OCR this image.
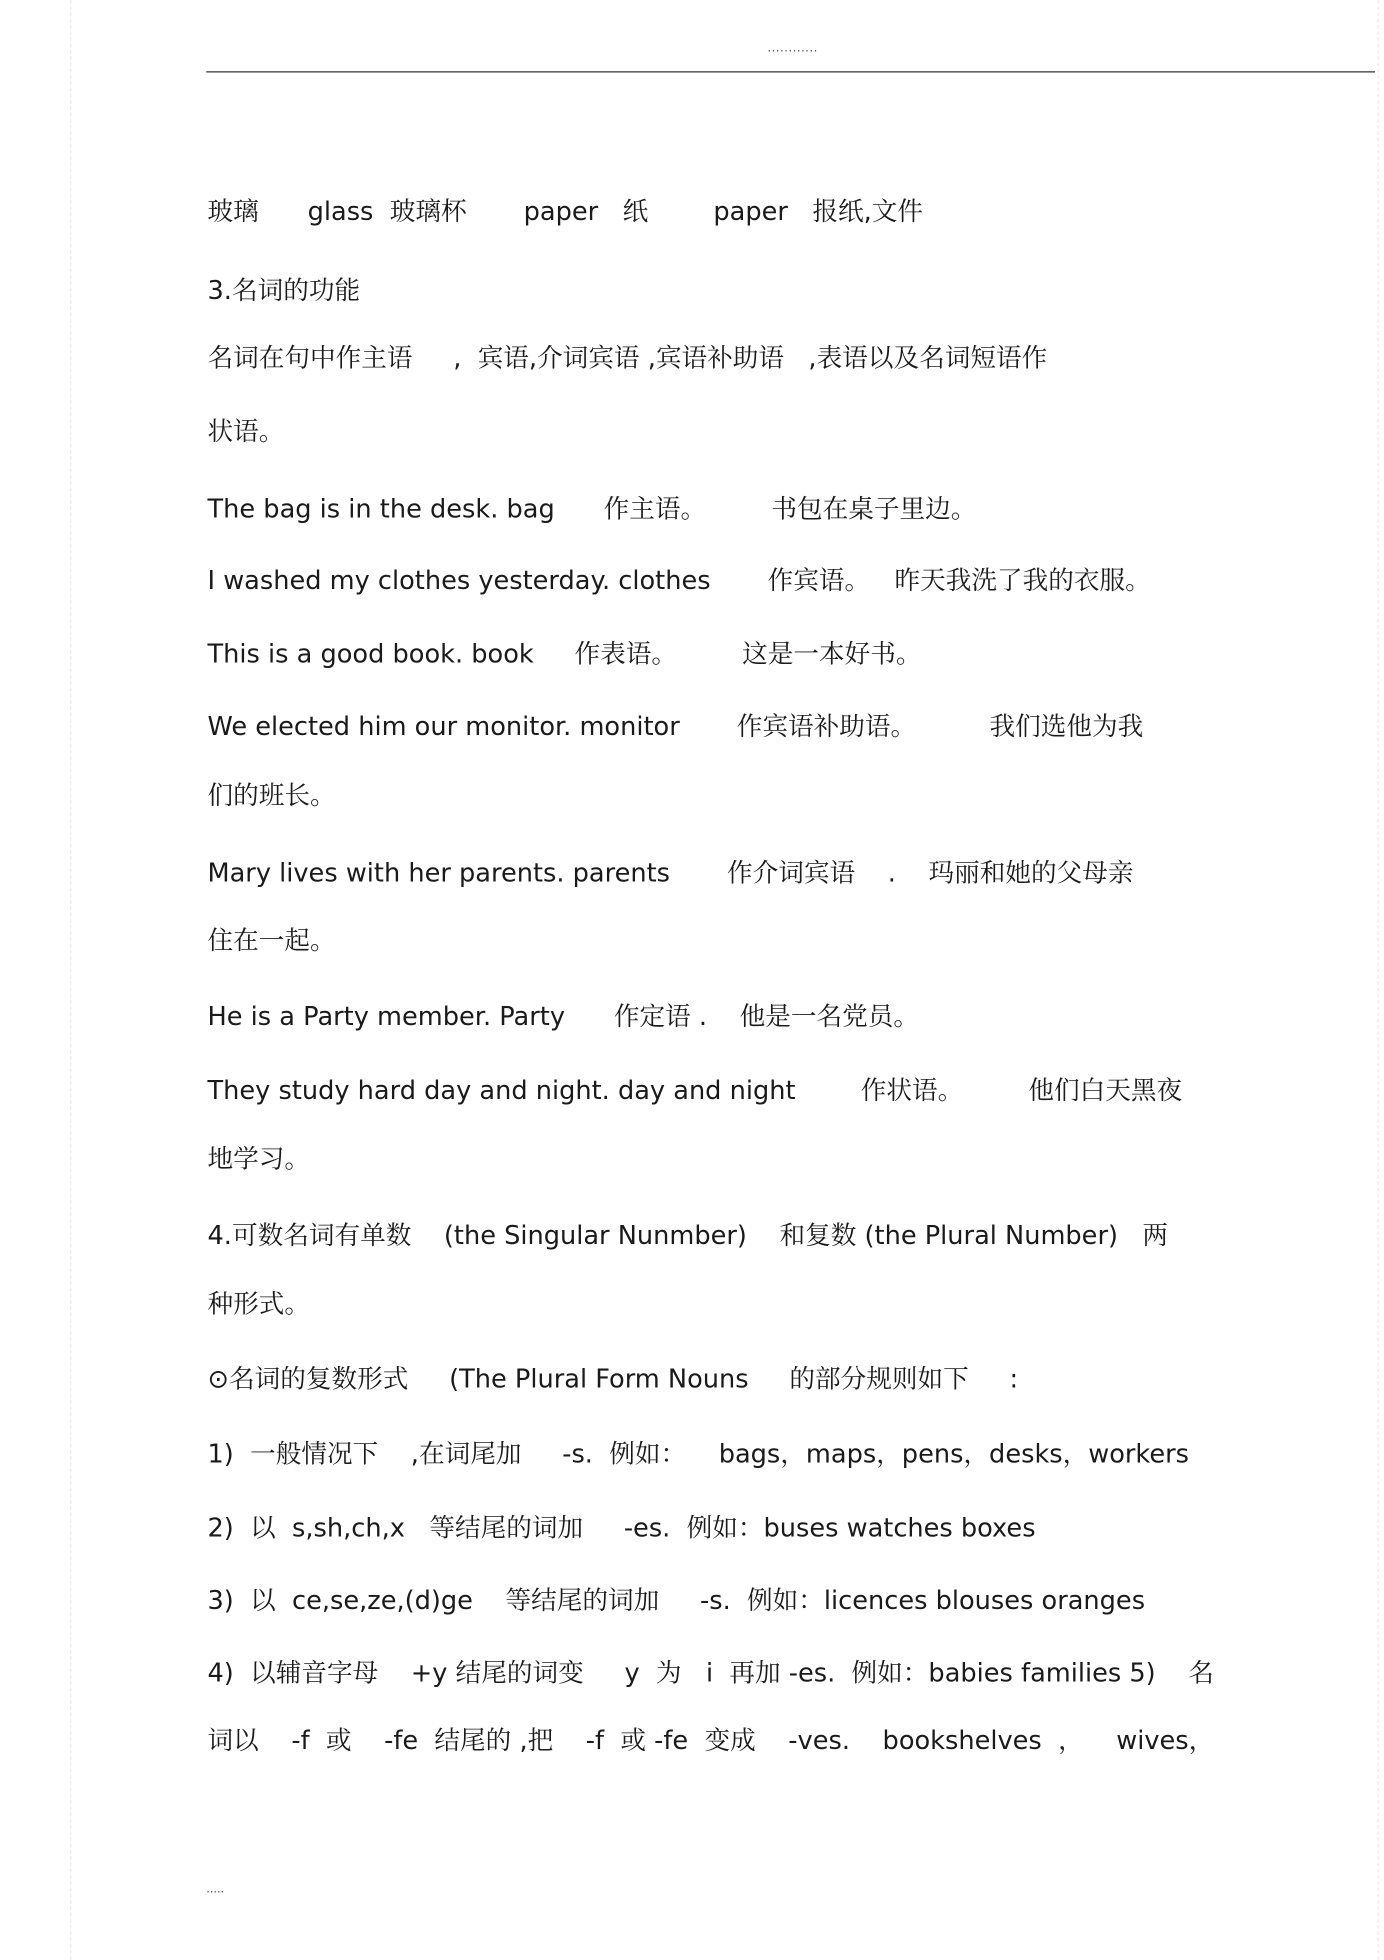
............
玻璃      glass  玻璃杯       paper   纸        paper   报纸,文件
3.名词的功能
名词在句中作主语     ,  宾语,介词宾语 ,宾语补助语   ,表语以及名词短语作
状语。
The bag is in the desk. bag      作主语。        书包在桌子里边。
I washed my clothes yesterday. clothes       作宾语。   昨天我洗了我的衣服。
This is a good book. book     作表语。        这是一本好书。
We elected him our monitor. monitor       作宾语补助语。         我们选他为我
们的班长。
Mary lives with her parents. parents       作介词宾语    .    玛丽和她的父母亲
住在一起。
He is a Party member. Party      作定语 .    他是一名党员。
They study hard day and night. day and night        作状语。        他们白天黑夜
地学习。
4.可数名词有单数    (the Singular Nunmber)    和复数 (the Plural Number)   两
种形式。
⊙名词的复数形式     (The Plural Form Nouns     的部分规则如下     :
1)  一般情况下    ,在词尾加     -s.  例如：    bags，maps，pens，desks，workers
2)  以  s,sh,ch,x   等结尾的词加     -es.  例如：buses watches boxes
3)  以  ce,se,ze,(d)ge    等结尾的词加     -s.  例如：licences blouses oranges
4)  以辅音字母    +y 结尾的词变     y  为   i  再加 -es.  例如：babies families 5)    名
词以    -f  或    -fe  结尾的 ,把    -f  或 -fe  变成    -ves.    bookshelves  ，    wives，
.....
